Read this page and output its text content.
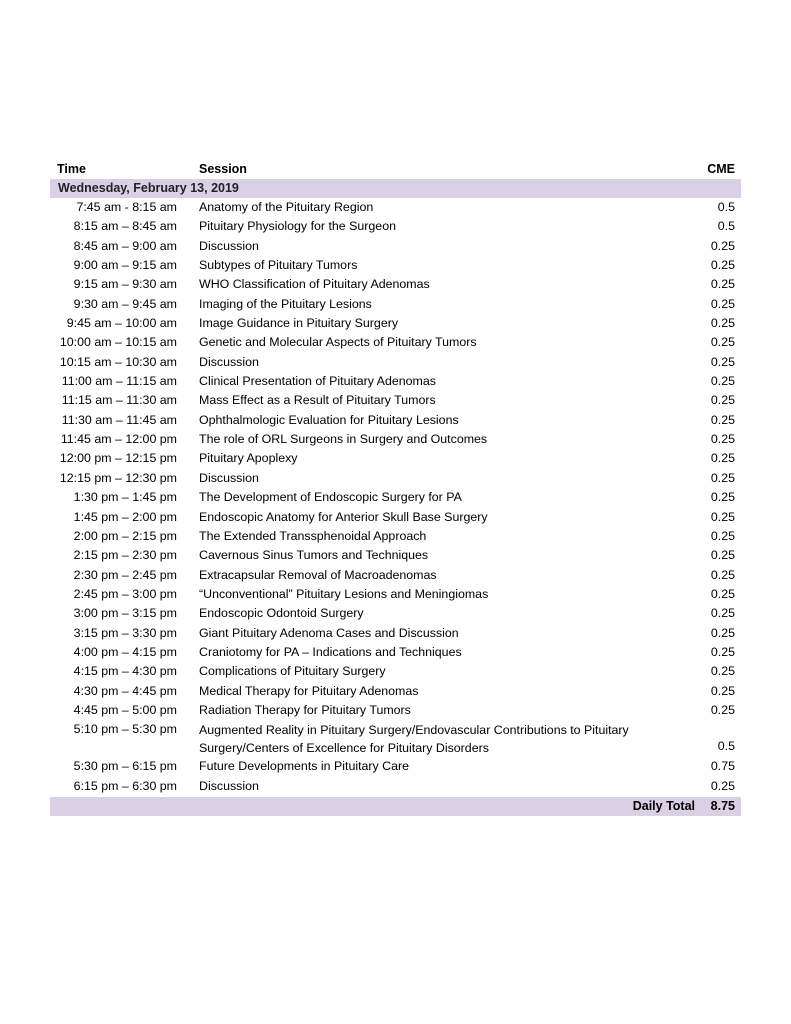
Time	Session	CME
Wednesday, February 13, 2019
7:45 am - 8:15 am Anatomy of the Pituitary Region	0.5
8:15 am – 8:45 am Pituitary Physiology for the Surgeon	0.5
8:45 am – 9:00 am Discussion	0.25
9:00 am – 9:15 am Subtypes of Pituitary Tumors	0.25
9:15 am – 9:30 am WHO Classification of Pituitary Adenomas	0.25
9:30 am – 9:45 am Imaging of the Pituitary Lesions	0.25
9:45 am – 10:00 am Image Guidance in Pituitary Surgery	0.25
10:00 am – 10:15 am Genetic and Molecular Aspects of Pituitary Tumors	0.25
10:15 am – 10:30 am Discussion	0.25
11:00 am – 11:15 am Clinical Presentation of Pituitary Adenomas	0.25
11:15 am – 11:30 am Mass Effect as a Result of Pituitary Tumors	0.25
11:30 am – 11:45 am Ophthalmologic Evaluation for Pituitary Lesions	0.25
11:45 am – 12:00 pm The role of ORL Surgeons in Surgery and Outcomes	0.25
12:00 pm – 12:15 pm Pituitary Apoplexy	0.25
12:15 pm – 12:30 pm Discussion	0.25
1:30 pm – 1:45 pm The Development of Endoscopic Surgery for PA	0.25
1:45 pm – 2:00 pm Endoscopic Anatomy for Anterior Skull Base Surgery	0.25
2:00 pm – 2:15 pm The Extended Transsphenoidal Approach	0.25
2:15 pm – 2:30 pm Cavernous Sinus Tumors and Techniques	0.25
2:30 pm – 2:45 pm Extracapsular Removal of Macroadenomas	0.25
2:45 pm – 3:00 pm “Unconventional” Pituitary Lesions and Meningiomas	0.25
3:00 pm – 3:15 pm Endoscopic Odontoid Surgery	0.25
3:15 pm – 3:30 pm Giant Pituitary Adenoma Cases and Discussion	0.25
4:00 pm – 4:15 pm Craniotomy for PA – Indications and Techniques	0.25
4:15 pm – 4:30 pm Complications of Pituitary Surgery	0.25
4:30 pm – 4:45 pm Medical Therapy for Pituitary Adenomas	0.25
4:45 pm – 5:00 pm Radiation Therapy for Pituitary Tumors	0.25
5:10 pm – 5:30 pm Augmented Reality in Pituitary Surgery/Endovascular Contributions to Pituitary Surgery/Centers of Excellence for Pituitary Disorders	0.5
5:30 pm – 6:15 pm Future Developments in Pituitary Care	0.75
6:15 pm – 6:30 pm Discussion	0.25
Daily Total 8.75
